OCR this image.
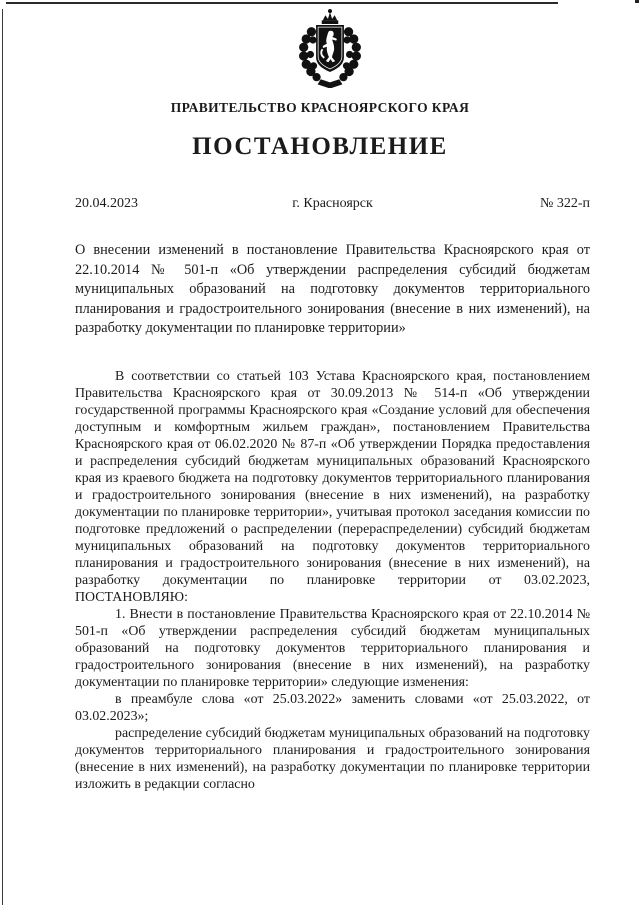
ПРАВИТЕЛЬСТВО КРАСНОЯРСКОГО КРАЯ
ПОСТАНОВЛЕНИЕ
20.04.2023	г. Красноярск	№ 322-п
О внесении изменений в постановление Правительства Красноярского края от 22.10.2014 № 501-п «Об утверждении распределения субсидий бюджетам муниципальных образований на подготовку документов территориального планирования и градостроительного зонирования (внесение в них изменений), на разработку документации по планировке территории»

В соответствии со статьей 103 Устава Красноярского края, постановлением Правительства Красноярского края от 30.09.2013 № 514-п «Об утверждении государственной программы Красноярского края «Создание условий для обеспечения доступным и комфортным жильем граждан», постановлением Правительства Красноярского края от 06.02.2020 № 87-п «Об утверждении Порядка предоставления и распределения субсидий бюджетам муниципальных образований Красноярского края из краевого бюджета на подготовку документов территориального планирования и градостроительного зонирования (внесение в них изменений), на разработку документации по планировке территории», учитывая протокол заседания комиссии по подготовке предложений о распределении (перераспределении) субсидий бюджетам муниципальных образований на подготовку документов территориального планирования и градостроительного зонирования (внесение в них изменений), на разработку документации по планировке территории от 03.02.2023, ПОСТАНОВЛЯЮ:

1. Внести в постановление Правительства Красноярского края от 22.10.2014 № 501-п «Об утверждении распределения субсидий бюджетам муниципальных образований на подготовку документов территориального планирования и градостроительного зонирования (внесение в них изменений), на разработку документации по планировке территории» следующие изменения:

в преамбуле слова «от 25.03.2022» заменить словами «от 25.03.2022, от 03.02.2023»;

распределение субсидий бюджетам муниципальных образований на подготовку документов территориального планирования и градостроительного зонирования (внесение в них изменений), на разработку документации по планировке территории изложить в редакции согласно
